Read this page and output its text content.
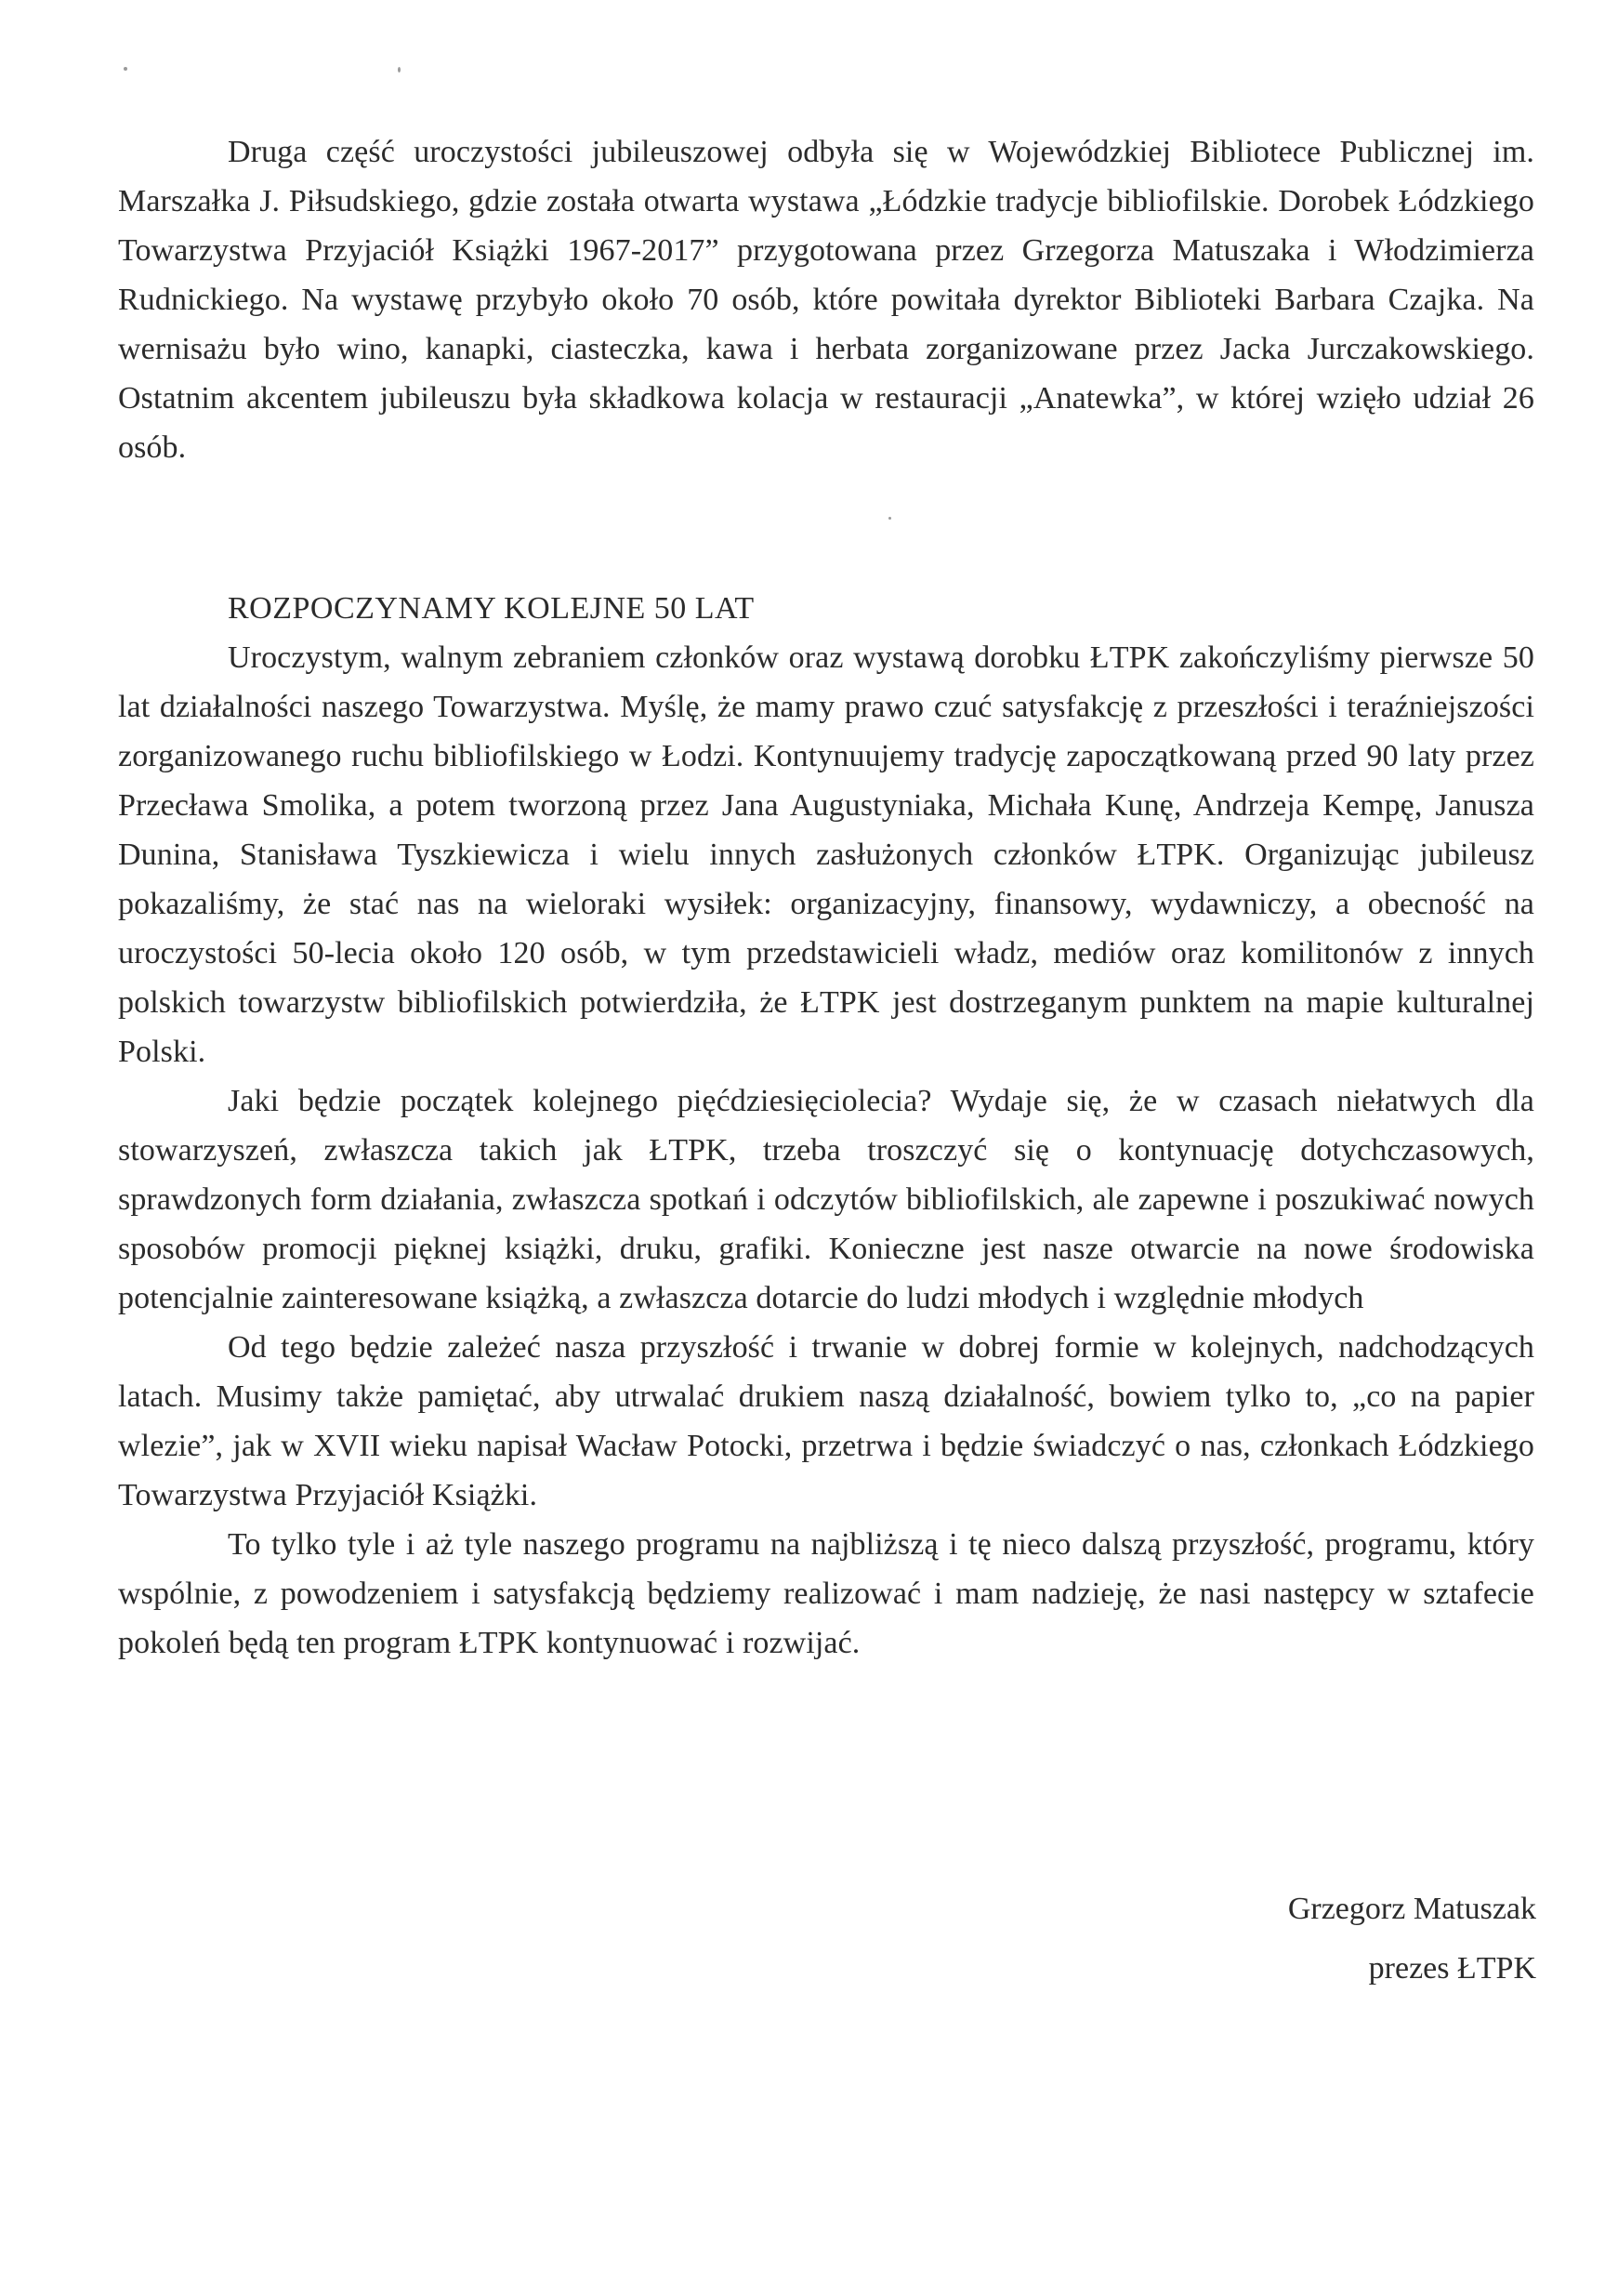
Druga część uroczystości jubileuszowej odbyła się w Wojewódzkiej Bibliotece Publicznej im. Marszałka J. Piłsudskiego, gdzie została otwarta wystawa „Łódzkie tradycje bibliofilskie. Dorobek Łódzkiego Towarzystwa Przyjaciół Książki 1967-2017” przygotowana przez Grzegorza Matuszaka i Włodzimierza Rudnickiego. Na wystawę przybyło około 70 osób, które powitała dyrektor Biblioteki Barbara Czajka. Na wernisażu było wino, kanapki, ciasteczka, kawa i herbata zorganizowane przez Jacka Jurczakowskiego. Ostatnim akcentem jubileuszu była składkowa kolacja w restauracji „Anatewka”, w której wzięło udział 26 osób.

ROZPOCZYNAMY KOLEJNE 50 LAT

Uroczystym, walnym zebraniem członków oraz wystawą dorobku ŁTPK zakończyliśmy pierwsze 50 lat działalności naszego Towarzystwa. Myślę, że mamy prawo czuć satysfakcję z przeszłości i teraźniejszości zorganizowanego ruchu bibliofilskiego w Łodzi. Kontynuujemy tradycję zapoczątkowaną przed 90 laty przez Przecława Smolika, a potem tworzoną przez Jana Augustyniaka, Michała Kunę, Andrzeja Kempę, Janusza Dunina, Stanisława Tyszkiewicza i wielu innych zasłużonych członków ŁTPK. Organizując jubileusz pokazaliśmy, że stać nas na wieloraki wysiłek: organizacyjny, finansowy, wydawniczy, a obecność na uroczystości 50-lecia około 120 osób, w tym przedstawicieli władz, mediów oraz komilitonów z innych polskich towarzystw bibliofilskich potwierdziła, że ŁTPK jest dostrzeganym punktem na mapie kulturalnej Polski.

Jaki będzie początek kolejnego pięćdziesięciolecia? Wydaje się, że w czasach niełatwych dla stowarzyszeń, zwłaszcza takich jak ŁTPK, trzeba troszczyć się o kontynuację dotychczasowych, sprawdzonych form działania, zwłaszcza spotkań i odczytów bibliofilskich, ale zapewne i poszukiwać nowych sposobów promocji pięknej książki, druku, grafiki. Konieczne jest nasze otwarcie na nowe środowiska potencjalnie zainteresowane książką, a zwłaszcza dotarcie do ludzi młodych i względnie młodych

Od tego będzie zależeć nasza przyszłość i trwanie w dobrej formie w kolejnych, nadchodzących latach. Musimy także pamiętać, aby utrwalać drukiem naszą działalność, bowiem tylko to, „co na papier wlezie”, jak w XVII wieku napisał Wacław Potocki, przetrwa i będzie świadczyć o nas, członkach Łódzkiego Towarzystwa Przyjaciół Książki.

To tylko tyle i aż tyle naszego programu na najbliższą i tę nieco dalszą przyszłość, programu, który wspólnie, z powodzeniem i satysfakcją będziemy realizować i mam nadzieję, że nasi następcy w sztafecie pokoleń będą ten program ŁTPK kontynuować i rozwijać.

Grzegorz Matuszak
prezes ŁTPK
